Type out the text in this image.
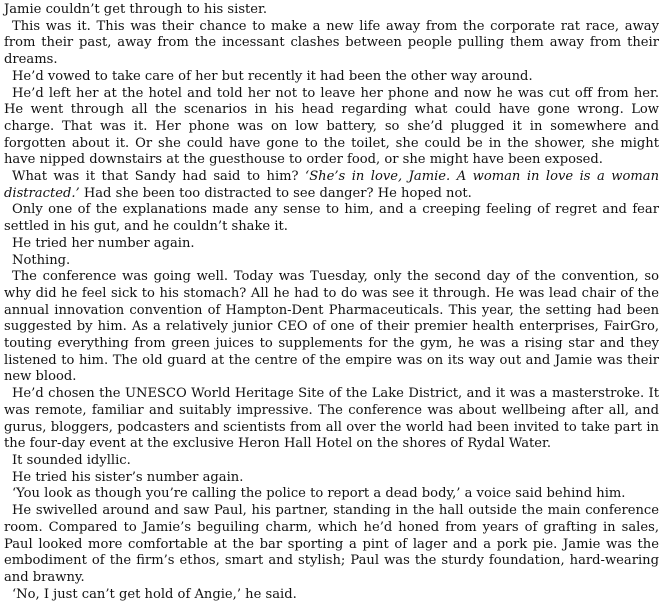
Jamie couldn’t get through to his sister.

This was it. This was their chance to make a new life away from the corporate rat race, away from their past, away from the incessant clashes between people pulling them away from their dreams.

He’d vowed to take care of her but recently it had been the other way around.

He’d left her at the hotel and told her not to leave her phone and now he was cut off from her. He went through all the scenarios in his head regarding what could have gone wrong. Low charge. That was it. Her phone was on low battery, so she’d plugged it in somewhere and forgotten about it. Or she could have gone to the toilet, she could be in the shower, she might have nipped downstairs at the guesthouse to order food, or she might have been exposed.

What was it that Sandy had said to him? ‘She’s in love, Jamie. A woman in love is a woman distracted.’ Had she been too distracted to see danger? He hoped not.

Only one of the explanations made any sense to him, and a creeping feeling of regret and fear settled in his gut, and he couldn’t shake it.

He tried her number again.

Nothing.

The conference was going well. Today was Tuesday, only the second day of the convention, so why did he feel sick to his stomach? All he had to do was see it through. He was lead chair of the annual innovation convention of Hampton-Dent Pharmaceuticals. This year, the setting had been suggested by him. As a relatively junior CEO of one of their premier health enterprises, FairGro, touting everything from green juices to supplements for the gym, he was a rising star and they listened to him. The old guard at the centre of the empire was on its way out and Jamie was their new blood.

He’d chosen the UNESCO World Heritage Site of the Lake District, and it was a masterstroke. It was remote, familiar and suitably impressive. The conference was about wellbeing after all, and gurus, bloggers, podcasters and scientists from all over the world had been invited to take part in the four-day event at the exclusive Heron Hall Hotel on the shores of Rydal Water.

It sounded idyllic.

He tried his sister’s number again.

‘You look as though you’re calling the police to report a dead body,’ a voice said behind him.

He swivelled around and saw Paul, his partner, standing in the hall outside the main conference room. Compared to Jamie’s beguiling charm, which he’d honed from years of grafting in sales, Paul looked more comfortable at the bar sporting a pint of lager and a pork pie. Jamie was the embodiment of the firm’s ethos, smart and stylish; Paul was the sturdy foundation, hard-wearing and brawny.

‘No, I just can’t get hold of Angie,’ he said.
